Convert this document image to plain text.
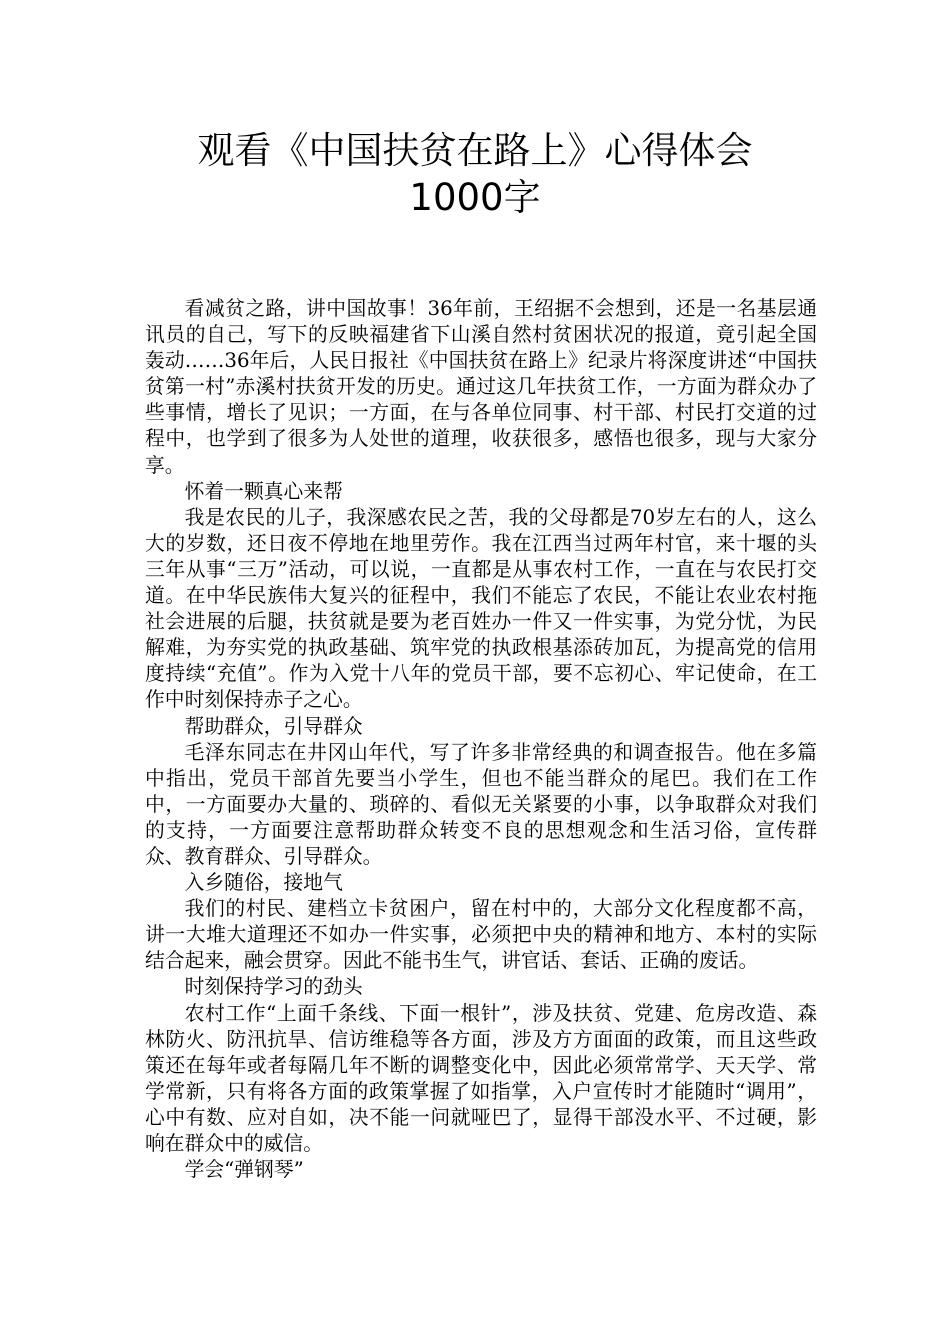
观看《中国扶贫在路上》心得体会
1000字

看减贫之路，讲中国故事！36年前，王绍据不会想到，还是一名基层通讯员的自己，写下的反映福建省下山溪自然村贫困状况的报道，竟引起全国轰动……36年后，人民日报社《中国扶贫在路上》纪录片将深度讲述“中国扶贫第一村”赤溪村扶贫开发的历史。通过这几年扶贫工作，一方面为群众办了些事情，增长了见识；一方面，在与各单位同事、村干部、村民打交道的过程中，也学到了很多为人处世的道理，收获很多，感悟也很多，现与大家分享。

怀着一颗真心来帮

我是农民的儿子，我深感农民之苦，我的父母都是70岁左右的人，这么大的岁数，还日夜不停地在地里劳作。我在江西当过两年村官，来十堰的头三年从事“三万”活动，可以说，一直都是从事农村工作，一直在与农民打交道。在中华民族伟大复兴的征程中，我们不能忘了农民，不能让农业农村拖社会进展的后腿，扶贫就是要为老百姓办一件又一件实事，为党分忧，为民解难，为夯实党的执政基础、筑牢党的执政根基添砖加瓦，为提高党的信用度持续“充值”。作为入党十八年的党员干部，要不忘初心、牢记使命，在工作中时刻保持赤子之心。

帮助群众，引导群众

毛泽东同志在井冈山年代，写了许多非常经典的和调查报告。他在多篇中指出，党员干部首先要当小学生，但也不能当群众的尾巴。我们在工作中，一方面要办大量的、琐碎的、看似无关紧要的小事，以争取群众对我们的支持，一方面要注意帮助群众转变不良的思想观念和生活习俗，宣传群众、教育群众、引导群众。

入乡随俗，接地气

我们的村民、建档立卡贫困户，留在村中的，大部分文化程度都不高，讲一大堆大道理还不如办一件实事，必须把中央的精神和地方、本村的实际结合起来，融会贯穿。因此不能书生气，讲官话、套话、正确的废话。

时刻保持学习的劲头

农村工作“上面千条线、下面一根针”，涉及扶贫、党建、危房改造、森林防火、防汛抗旱、信访维稳等各方面，涉及方方面面的政策，而且这些政策还在每年或者每隔几年不断的调整变化中，因此必须常常学、天天学、常学常新，只有将各方面的政策掌握了如指掌，入户宣传时才能随时“调用”，心中有数、应对自如，决不能一问就哑巴了，显得干部没水平、不过硬，影响在群众中的威信。

学会“弹钢琴”
